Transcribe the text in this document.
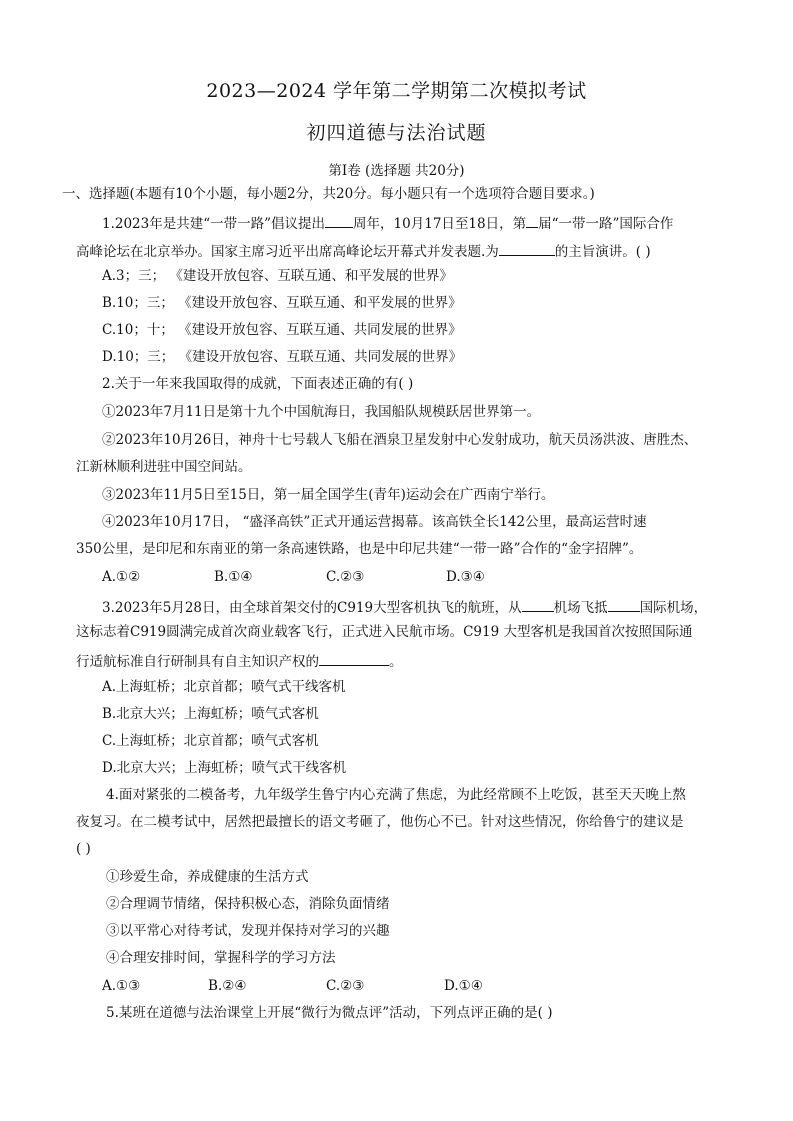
2023—2024 学年第二学期第二次模拟考试
初四道德与法治试题
第Ⅰ卷 (选择题 共20分)
一、选择题(本题有10个小题，每小题2分，共20分。每小题只有一个选项符合题目要求。)
1.2023年是共建“一带一路”倡议提出 周年，10月17日至18日，第 届“一带一路”国际合作
高峰论坛在北京举办。国家主席习近平出席高峰论坛开幕式并发表题.为	的主旨演讲。( )
A.3；三； 《建设开放包容、互联互通、和平发展的世界》
B.10；三； 《建设开放包容、互联互通、和平发展的世界》
C.10；十； 《建设开放包容、互联互通、共同发展的世界》
D.10；三； 《建设开放包容、互联互通、共同发展的世界》
2.关于一年来我国取得的成就，下面表述正确的有( )
①2023年7月11日是第十九个中国航海日，我国船队规模跃居世界第一。
②2023年10月26日，神舟十七号载人飞船在酒泉卫星发射中心发射成功，航天员汤洪波、唐胜杰、
江新林顺利进驻中国空间站。
③2023年11月5日至15日，第一届全国学生(青年)运动会在广西南宁举行。
④2023年10月17日， “盛泽高铁”正式开通运营揭幕。该高铁全长142公里，最高运营时速
350公里，是印尼和东南亚的第一条高速铁路，也是中印尼共建“一带一路”合作的“金字招牌”。
A.①②	B.①④	C.②③	D.③④
3.2023年5月28日，由全球首架交付的C919大型客机执飞的航班，从 机场飞抵 国际机场，
这标志着C919圆满完成首次商业载客飞行，正式进入民航市场。C919 大型客机是我国首次按照国际通
行适航标准自行研制具有自主知识产权的	。
A.上海虹桥；北京首都；喷气式干线客机
B.北京大兴；上海虹桥；喷气式客机
C.上海虹桥；北京首都；喷气式客机
D.北京大兴；上海虹桥；喷气式干线客机
4.面对紧张的二模备考，九年级学生鲁宁内心充满了焦虑，为此经常顾不上吃饭，甚至天天晚上熬
夜复习。在二模考试中，居然把最擅长的语文考砸了，他伤心不已。针对这些情况，你给鲁宁的建议是
( )
①珍爱生命，养成健康的生活方式
②合理调节情绪，保持积极心态，消除负面情绪
③以平常心对待考试，发现并保持对学习的兴趣
④合理安排时间，掌握科学的学习方法
A.①③	B.②④	C.②③	D.①④
5.某班在道德与法治课堂上开展“微行为微点评”活动，下列点评正确的是( )
